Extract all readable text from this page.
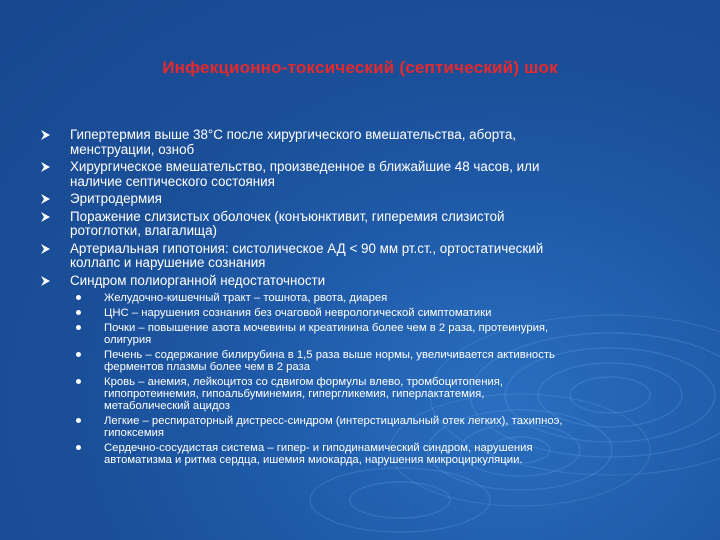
Инфекционно-токсический (септический) шок
Гипертермия выше 38°С после хирургического вмешательства, аборта,
менструации, озноб
Хирургическое вмешательство, произведенное в ближайшие 48 часов, или
наличие септического состояния
Эритродермия
Поражение слизистых оболочек (конъюнктивит, гиперемия слизистой
ротоглотки, влагалища)
Артериальная гипотония: систолическое АД < 90 мм рт.ст., ортостатический
коллапс и нарушение сознания
Синдром полиорганной недостаточности
Желудочно-кишечный тракт – тошнота, рвота, диарея
ЦНС – нарушения сознания без очаговой неврологической симптоматики
Почки – повышение азота мочевины и креатинина более чем в 2 раза, протеинурия,
олигурия
Печень – содержание билирубина в 1,5 раза выше нормы, увеличивается активность
ферментов плазмы более чем в 2 раза
Кровь – анемия, лейкоцитоз со сдвигом формулы влево, тромбоцитопения,
гипопротеинемия, гипоальбуминемия, гипергликемия, гиперлактатемия,
метаболический ацидоз
Легкие – респираторный дистресс-синдром (интерстициальный отек легких), тахипноэ,
гипоксемия
Сердечно-сосудистая система – гипер- и гиподинамический синдром, нарушения
автоматизма и ритма сердца, ишемия миокарда, нарушения микроциркуляции.
